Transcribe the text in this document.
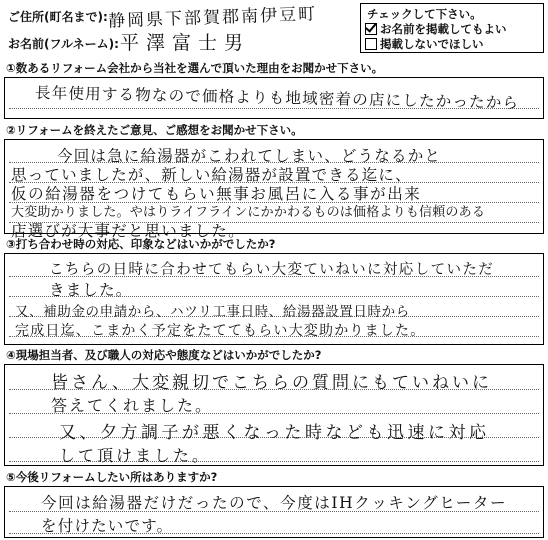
ご住所(町名まで): 静岡県下部賀郡南伊豆町
お名前(フルネーム): 平澤富士男
チェックして下さい。
お名前を掲載してもよい
掲載しないでほしい
①数あるリフォーム会社から当社を選んで頂いた理由をお聞かせ下さい。
長年使用する物なので価格よりも地域密着の店にしたかったから
②リフォームを終えたご意見、ご感想をお聞かせ下さい。
今回は急に給湯器がこわれてしまい、どうなるかと
思っていましたが、新しい給湯器が設置できる迄に、
仮の給湯器をつけてもらい無事お風呂に入る事が出来
大変助かりました。やはりライフラインにかかわるものは価格よりも信頼のある
店選びが大事だと思いました。
③打ち合わせ時の対応、印象などはいかがでしたか?
こちらの日時に合わせてもらい大変ていねいに対応していただ
きました。
又、補助金の申請から、ハツリ工事日時、給湯器設置日時から
完成日迄、こまかく予定をたててもらい大変助かりました。
④現場担当者、及び職人の対応や態度などはいかがでしたか?
皆さん、大変親切でこちらの質問にもていねいに
答えてくれました。
又、夕方調子が悪くなった時なども迅速に対応
して頂けました。
⑤今後リフォームしたい所はありますか?
今回は給湯器だけだったので、今度はIHクッキングヒーター
を付けたいです。
